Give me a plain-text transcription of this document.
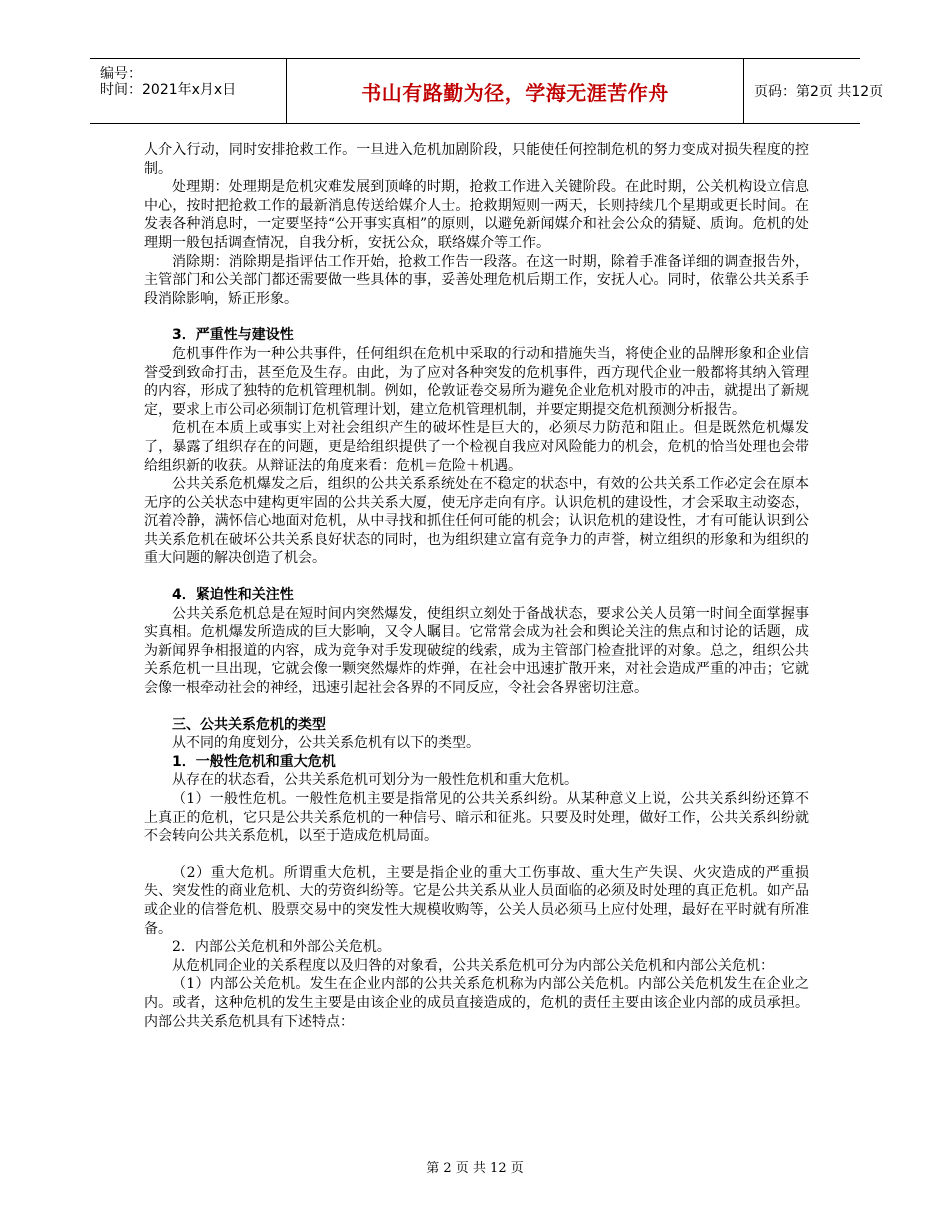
编号：
时间：2021年x月x日	书山有路勤为径，学海无涯苦作舟	页码：第2页 共12页

人介入行动，同时安排抢救工作。一旦进入危机加剧阶段，只能使任何控制危机的努力变成对损失程度的控制。

处理期：处理期是危机灾难发展到顶峰的时期，抢救工作进入关键阶段。在此时期，公关机构设立信息中心，按时把抢救工作的最新消息传送给媒介人士。抢救期短则一两天，长则持续几个星期或更长时间。在发表各种消息时，一定要坚持“公开事实真相”的原则，以避免新闻媒介和社会公众的猜疑、质询。危机的处理期一般包括调查情况，自我分析，安抚公众，联络媒介等工作。

消除期：消除期是指评估工作开始，抢救工作告一段落。在这一时期，除着手准备详细的调查报告外，主管部门和公关部门都还需要做一些具体的事，妥善处理危机后期工作，安抚人心。同时，依靠公共关系手段消除影响，矫正形象。

3．严重性与建设性

危机事件作为一种公共事件，任何组织在危机中采取的行动和措施失当，将使企业的品牌形象和企业信誉受到致命打击，甚至危及生存。由此，为了应对各种突发的危机事件，西方现代企业一般都将其纳入管理的内容，形成了独特的危机管理机制。例如，伦敦证卷交易所为避免企业危机对股市的冲击，就提出了新规定，要求上市公司必须制订危机管理计划，建立危机管理机制，并要定期提交危机预测分析报告。

危机在本质上或事实上对社会组织产生的破坏性是巨大的，必须尽力防范和阻止。但是既然危机爆发了，暴露了组织存在的问题，更是给组织提供了一个检视自我应对风险能力的机会，危机的恰当处理也会带给组织新的收获。从辩证法的角度来看：危机＝危险＋机遇。

公共关系危机爆发之后，组织的公共关系系统处在不稳定的状态中，有效的公共关系工作必定会在原本无序的公关状态中建构更牢固的公共关系大厦，使无序走向有序。认识危机的建设性，才会采取主动姿态，沉着冷静，满怀信心地面对危机，从中寻找和抓住任何可能的机会；认识危机的建设性，才有可能认识到公共关系危机在破坏公共关系良好状态的同时，也为组织建立富有竞争力的声誉，树立组织的形象和为组织的重大问题的解决创造了机会。

4．紧迫性和关注性

公共关系危机总是在短时间内突然爆发，使组织立刻处于备战状态，要求公关人员第一时间全面掌握事实真相。危机爆发所造成的巨大影响，又令人瞩目。它常常会成为社会和舆论关注的焦点和讨论的话题，成为新闻界争相报道的内容，成为竞争对手发现破绽的线索，成为主管部门检查批评的对象。总之，组织公共关系危机一旦出现，它就会像一颗突然爆炸的炸弹，在社会中迅速扩散开来，对社会造成严重的冲击；它就会像一根牵动社会的神经，迅速引起社会各界的不同反应，令社会各界密切注意。

三、公共关系危机的类型

从不同的角度划分，公共关系危机有以下的类型。

1．一般性危机和重大危机

从存在的状态看，公共关系危机可划分为一般性危机和重大危机。

（1）一般性危机。一般性危机主要是指常见的公共关系纠纷。从某种意义上说，公共关系纠纷还算不上真正的危机，它只是公共关系危机的一种信号、暗示和征兆。只要及时处理，做好工作，公共关系纠纷就不会转向公共关系危机，以至于造成危机局面。

（2）重大危机。所谓重大危机，主要是指企业的重大工伤事故、重大生产失误、火灾造成的严重损失、突发性的商业危机、大的劳资纠纷等。它是公共关系从业人员面临的必须及时处理的真正危机。如产品或企业的信誉危机、股票交易中的突发性大规模收购等，公关人员必须马上应付处理，最好在平时就有所准备。

2．内部公关危机和外部公关危机。

从危机同企业的关系程度以及归咎的对象看，公共关系危机可分为内部公关危机和内部公关危机：

（1）内部公关危机。发生在企业内部的公共关系危机称为内部公关危机。内部公关危机发生在企业之内。或者，这种危机的发生主要是由该企业的成员直接造成的，危机的责任主要由该企业内部的成员承担。内部公共关系危机具有下述特点：

第 2 页 共 12 页
